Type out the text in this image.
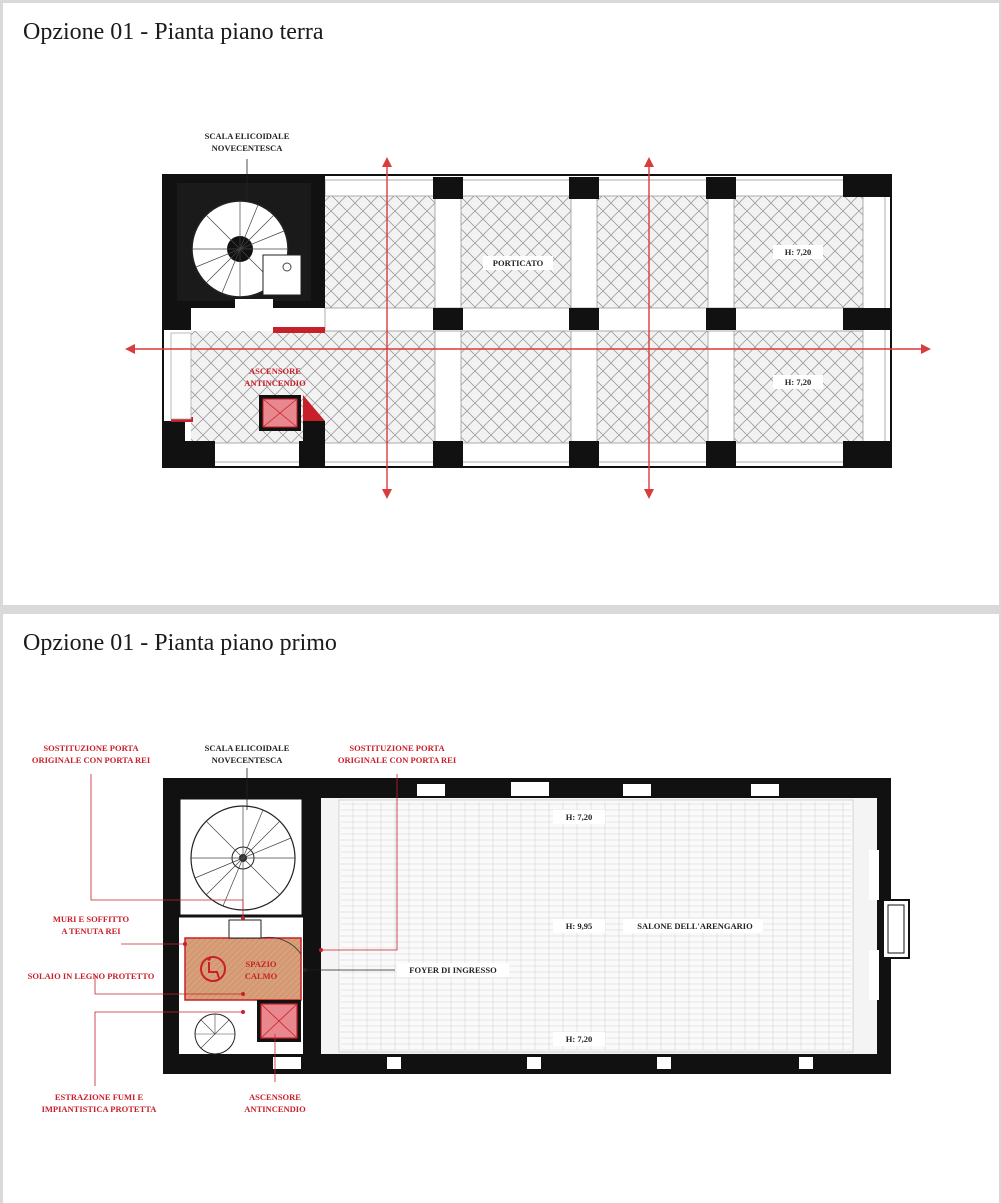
Opzione 01 - Pianta piano terra
SCALA ELICOIDALE
NOVECENTESCA
PORTICATO
H: 7,20
H: 7,20
ASCENSORE
ANTINCENDIO
Opzione 01 - Pianta piano primo
SOSTITUZIONE PORTA
ORIGINALE CON PORTA REI
SCALA ELICOIDALE
NOVECENTESCA
SOSTITUZIONE PORTA
ORIGINALE CON PORTA REI
MURI E SOFFITTO
A TENUTA REI
SOLAIO IN LEGNO PROTETTO
SPAZIO
CALMO
FOYER DI INGRESSO
H: 7,20
H: 9,95	SALONE DELL'ARENGARIO
H: 7,20
ESTRAZIONE FUMI E
IMPIANTISTICA PROTETTA
ASCENSORE
ANTINCENDIO
